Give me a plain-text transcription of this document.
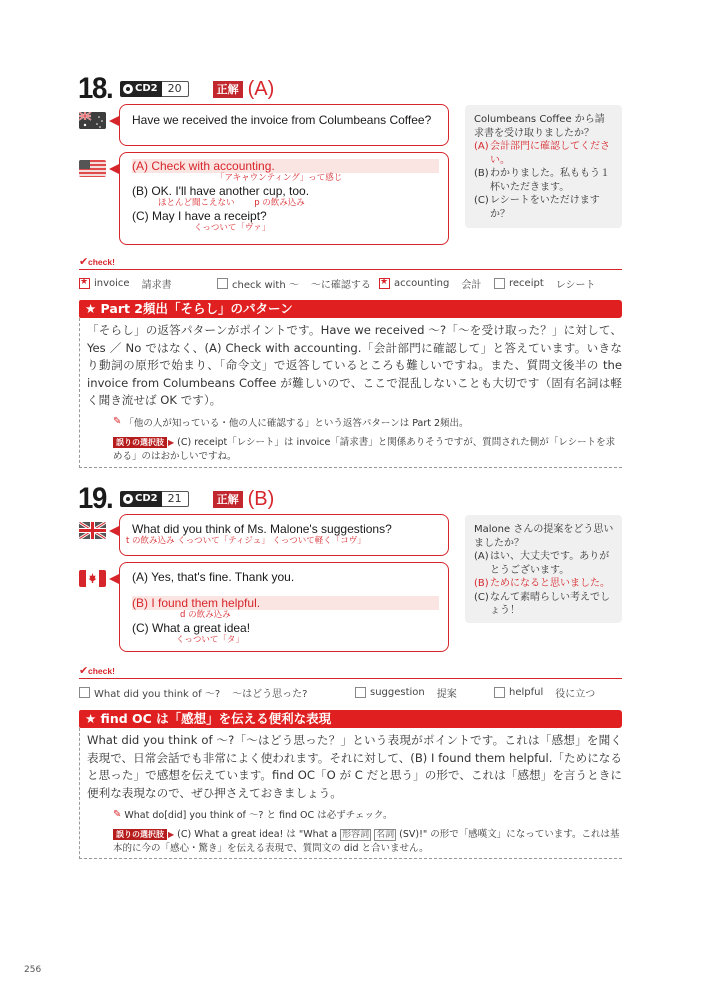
18.	CD2 20	正解 (A)
Have we received the invoice from Columbeans Coffee?
(A) Check with accounting.
「アキャウンティング」って感じ
(B) OK. I'll have another cup, too.
ほとんど聞こえない　　 p の飲み込み
(C) May I have a receipt?
くっついて「ヴァ」
Columbeans Coffee から請求書を受け取りましたか？
(A) 会計部門に確認してください。
(B) わかりました。私ももう１杯いただきます。
(C) レシートをいただけますか？
✔ check!
★
invoice 請求書	check with ～ ～に確認する ★ accounting 会計	receipt レシート
★ Part 2頻出「そらし」のパターン

「そらし」の返答パターンがポイントです。Have we received ～?「～を受け取った？」に対して、Yes ／ No ではなく、(A) Check with accounting.「会計部門に確認して」と答えています。いきなり動詞の原形で始まり、「命令文」で返答しているところも難しいですね。また、質問文後半の the invoice from Columbeans Coffee が難しいので、ここで混乱しないことも大切です（固有名詞は軽く聞き流せば OK です）。

✎ 「他の人が知っている・他の人に確認する」という返答パターンは Part 2頻出。
誤りの選択肢 ▶ (C) receipt「レシート」は invoice「請求書」と関係ありそうですが、質問された側が「レシートを求める」のはおかしいですね。
19.	CD2 21	正解 (B)
What did you think of Ms. Malone's suggestions?
t の飲み込み くっついて「ティジュ」 くっついて軽く「コヴ」
(A) Yes, that's fine. Thank you.
(B) I found them helpful.
d の飲み込み
(C) What a great idea!
くっついて「タ」
Malone さんの提案をどう思いましたか？
(A) はい、大丈夫です。ありがとうございます。
(B) ためになると思いました。
(C) なんて素晴らしい考えでしょう！
✔ check!
What did you think of ～? ～はどう思った?	suggestion 提案	helpful 役に立つ
★ find OC は「感想」を伝える便利な表現

What did you think of ～?「～はどう思った？」という表現がポイントです。これは「感想」を聞く表現で、日常会話でも非常によく使われます。それに対して、(B) I found them helpful.「ためになると思った」で感想を伝えています。find OC「O が C だと思う」の形で、これは「感想」を言うときに便利な表現なので、ぜひ押さえておきましょう。

✎ What do[did] you think of ～? と find OC は必ずチェック。
誤りの選択肢 ▶ (C) What a great idea! は "What a 形容詞 名詞 (SV)!" の形で「感嘆文」になっています。これは基本的に今の「感心・驚き」を伝える表現で、質問文の did と合いません。
256
